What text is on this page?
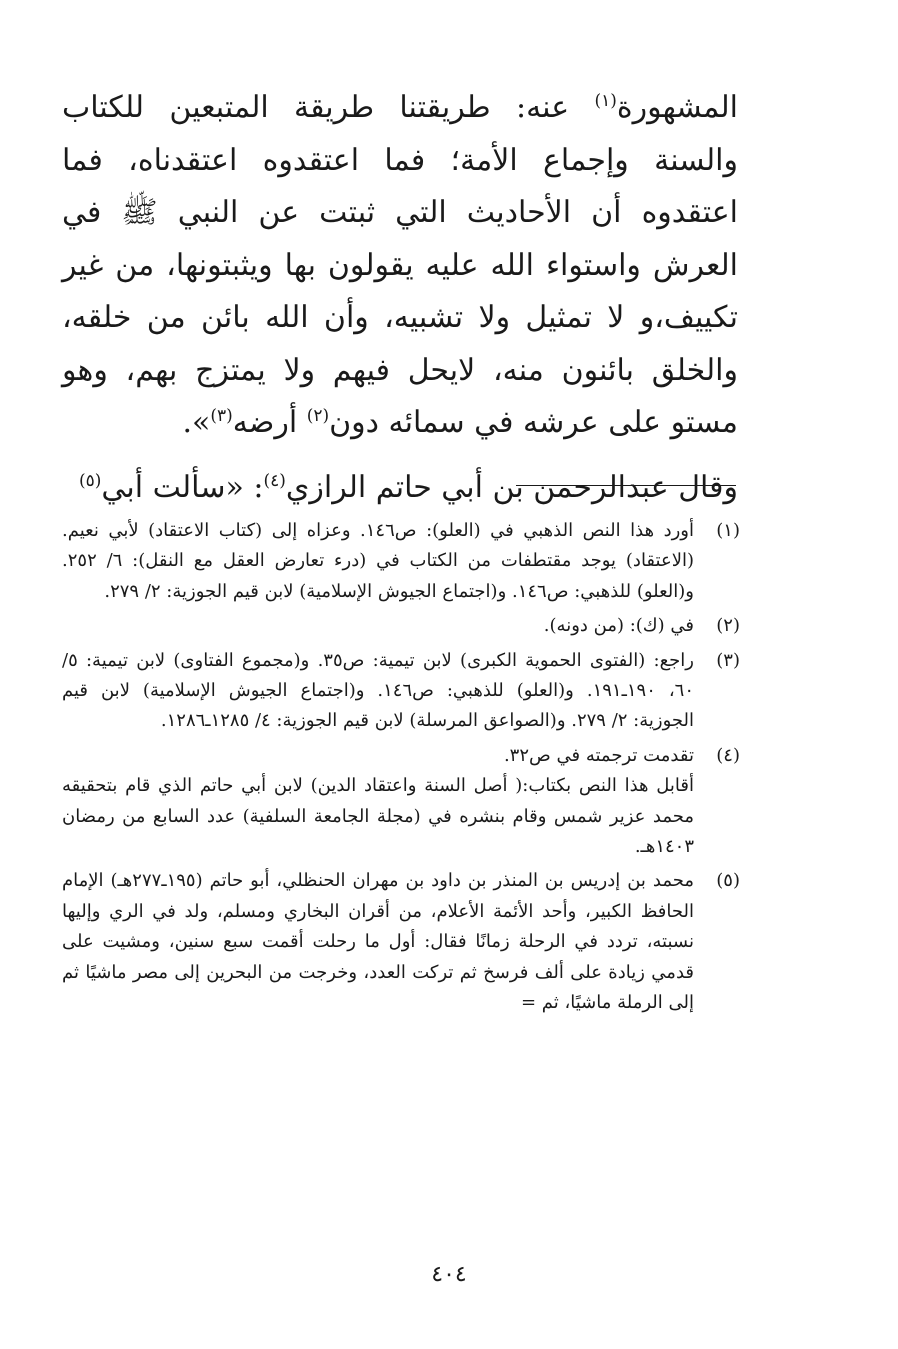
المشهورة$^{(١)}$ عنه: طريقتنا طريقة المتبعين للكتاب والسنة وإجماع الأمة؛ فما اعتقدوه اعتقدناه، فما اعتقدوه أن الأحاديث التي ثبتت عن النبي ﷺ في العرش واستواء الله عليه يقولون بها ويثبتونها، من غير تكييف،و لا تمثيل ولا تشبيه، وأن الله بائن من خلقه، والخلق بائنون منه، لايحل فيهم ولا يمتزج بهم، وهو مستو على عرشه في سمائه دون$^{(٢)}$ أرضه$^{(٣)}$».

وقال عبدالرحمن بن أبي حاتم الرازي$^{(٤)}$: «سألت أبي$^{(٥)}$

(١)

أورد هذا النص الذهبي في (العلو): ص١٤٦. وعزاه إلى (كتاب الاعتقاد) لأبي نعيم. (الاعتقاد) يوجد مقتطفات من الكتاب في (درء تعارض العقل مع النقل): ٦/ ٢٥٢. و(العلو) للذهبي: ص١٤٦. و(اجتماع الجيوش الإسلامية) لابن قيم الجوزية: ٢/ ٢٧٩.

(٢)

في (ك): (من دونه).

(٣)

راجع: (الفتوى الحموية الكبرى) لابن تيمية: ص٣٥. و(مجموع الفتاوى) لابن تيمية: ٥/ ٦٠، ١٩٠ـ١٩١. و(العلو) للذهبي: ص١٤٦. و(اجتماع الجيوش الإسلامية) لابن قيم الجوزية: ٢/ ٢٧٩. و(الصواعق المرسلة) لابن قيم الجوزية: ٤/ ١٢٨٥ـ١٢٨٦.

(٤)

تقدمت ترجمته في ص٣٢.

أقابل هذا النص بكتاب:( أصل السنة واعتقاد الدين) لابن أبي حاتم الذي قام بتحقيقه محمد عزير شمس وقام بنشره في (مجلة الجامعة السلفية) عدد السابع من رمضان ١٤٠٣هـ.

(٥)

محمد بن إدريس بن المنذر بن داود بن مهران الحنظلي، أبو حاتم (١٩٥ـ٢٧٧هـ) الإمام الحافظ الكبير، وأحد الأئمة الأعلام، من أقران البخاري ومسلم، ولد في الري وإليها نسبته، تردد في الرحلة زمانًا فقال: أول ما رحلت أقمت سبع سنين، ومشيت على قدمي زيادة على ألف فرسخ ثم تركت العدد، وخرجت من البحرين إلى مصر ماشيًا ثم إلى الرملة ماشيًا، ثم =

٤٠٤
